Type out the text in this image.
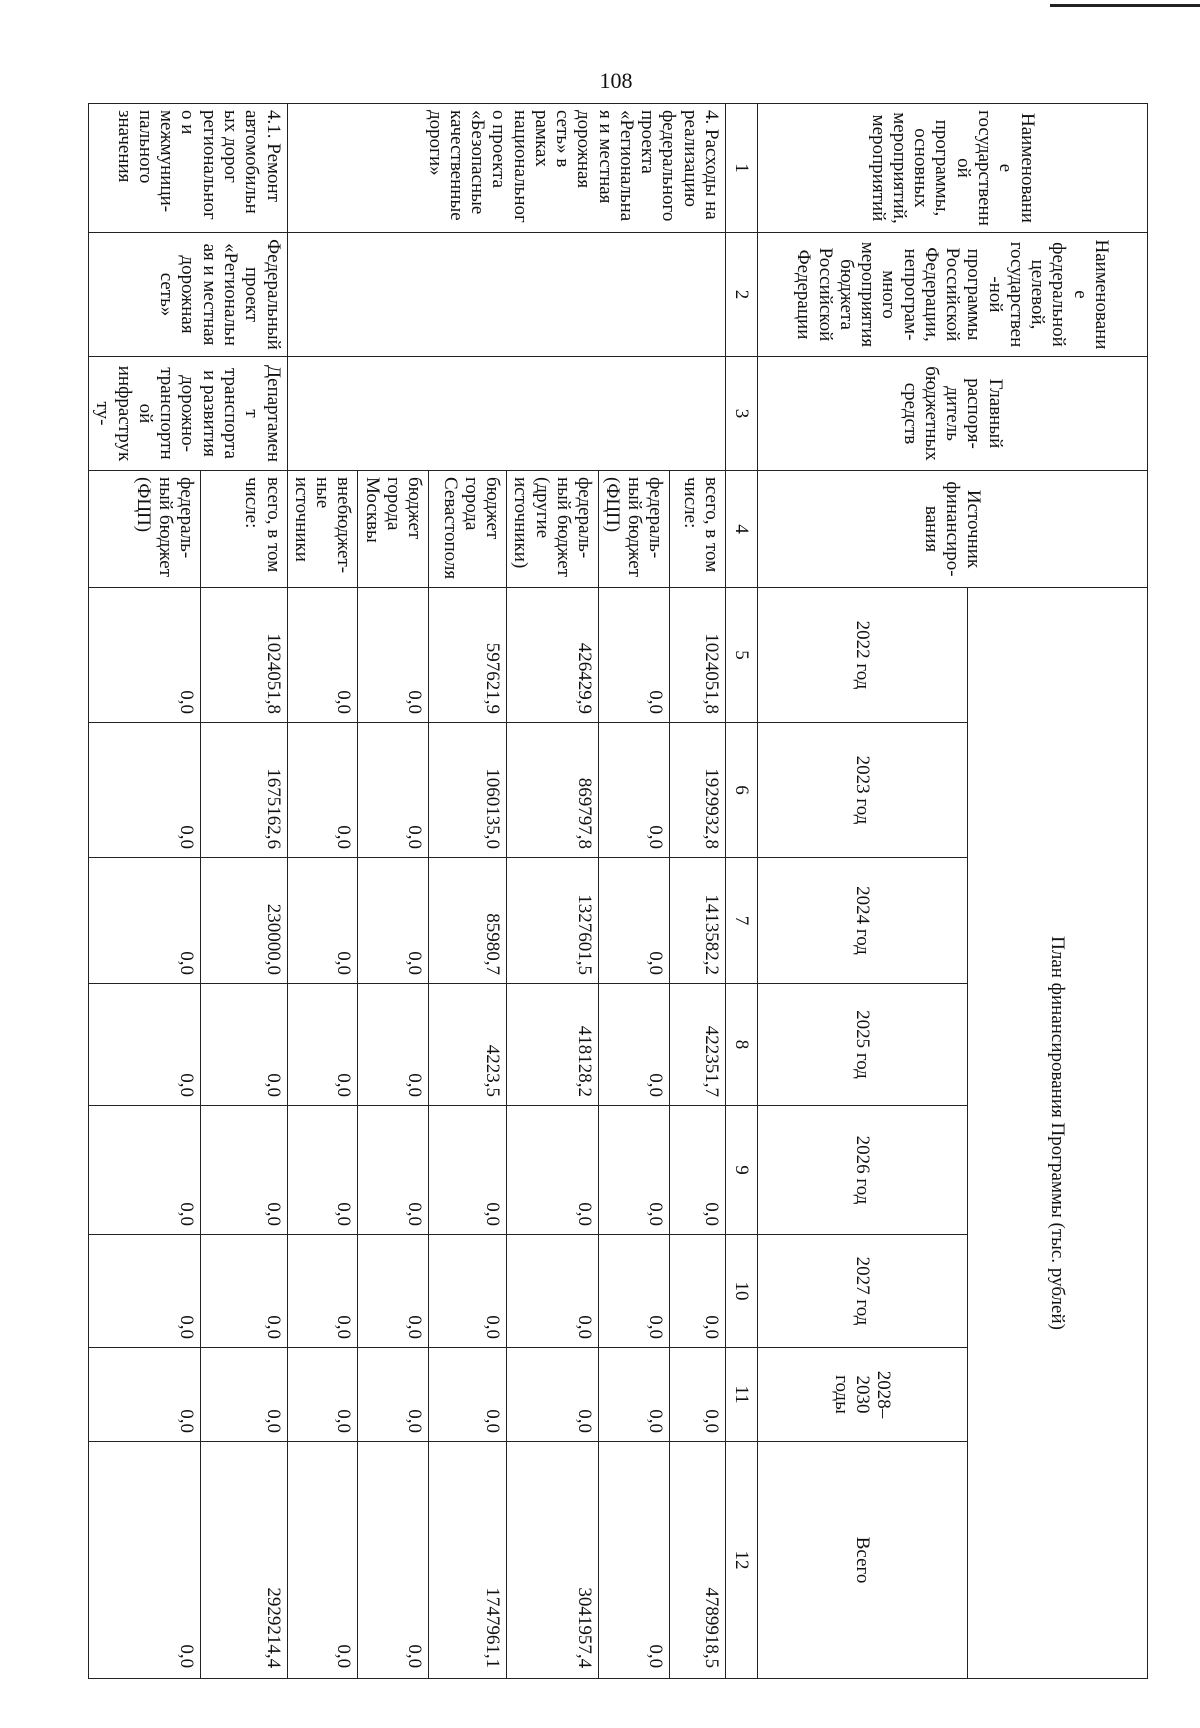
108
Наименование государственной программы, основных мероприятий, мероприятий	Наименование федеральной целевой, государствен-ной программы Российской Федерации, непрограм-много мероприятия бюджета Российской Федерации	Главный распоря-дитель бюджетных средств	Источник финансиро-вания	План финансирования Программы (тыс. рублей)							
				2022 год	2023 год	2024 год	2025 год	2026 год	2027 год	2028–2030 годы	Всего
1	2	3	4	5	6	7	8	9	10	11	12
4. Расходы на реализацию федерального проекта «Региональная и местная дорожная сеть» в рамках национального проекта «Безопасные качественные дороги»			всего, в том числе:	1024051,8	1929932,8	1413582,2	422351,7	0,0	0,0	0,0	4789918,5
			федераль-ный бюджет (ФЦП)	0,0	0,0	0,0	0,0	0,0	0,0	0,0	0,0
			федераль-ный бюджет (другие источники)	426429,9	869797,8	1327601,5	418128,2	0,0	0,0	0,0	3041957,4
			бюджет города Севастополя	597621,9	1060135,0	85980,7	4223,5	0,0	0,0	0,0	1747961,1
			бюджет города Москвы	0,0	0,0	0,0	0,0	0,0	0,0	0,0	0,0
			внебюджет-ные источники	0,0	0,0	0,0	0,0	0,0	0,0	0,0	0,0
4.1. Ремонт автомобильных дорог регионального и межмуници-пального значения	Федеральный проект «Региональная и местная дорожная сеть»	Департамент транспорта и развития дорожно-транспортной инфраструкту-	всего, в том числе:	1024051,8	1675162,6	230000,0	0,0	0,0	0,0	0,0	2929214,4
			федераль-ный бюджет (ФЦП)	0,0	0,0	0,0	0,0	0,0	0,0	0,0	0,0
